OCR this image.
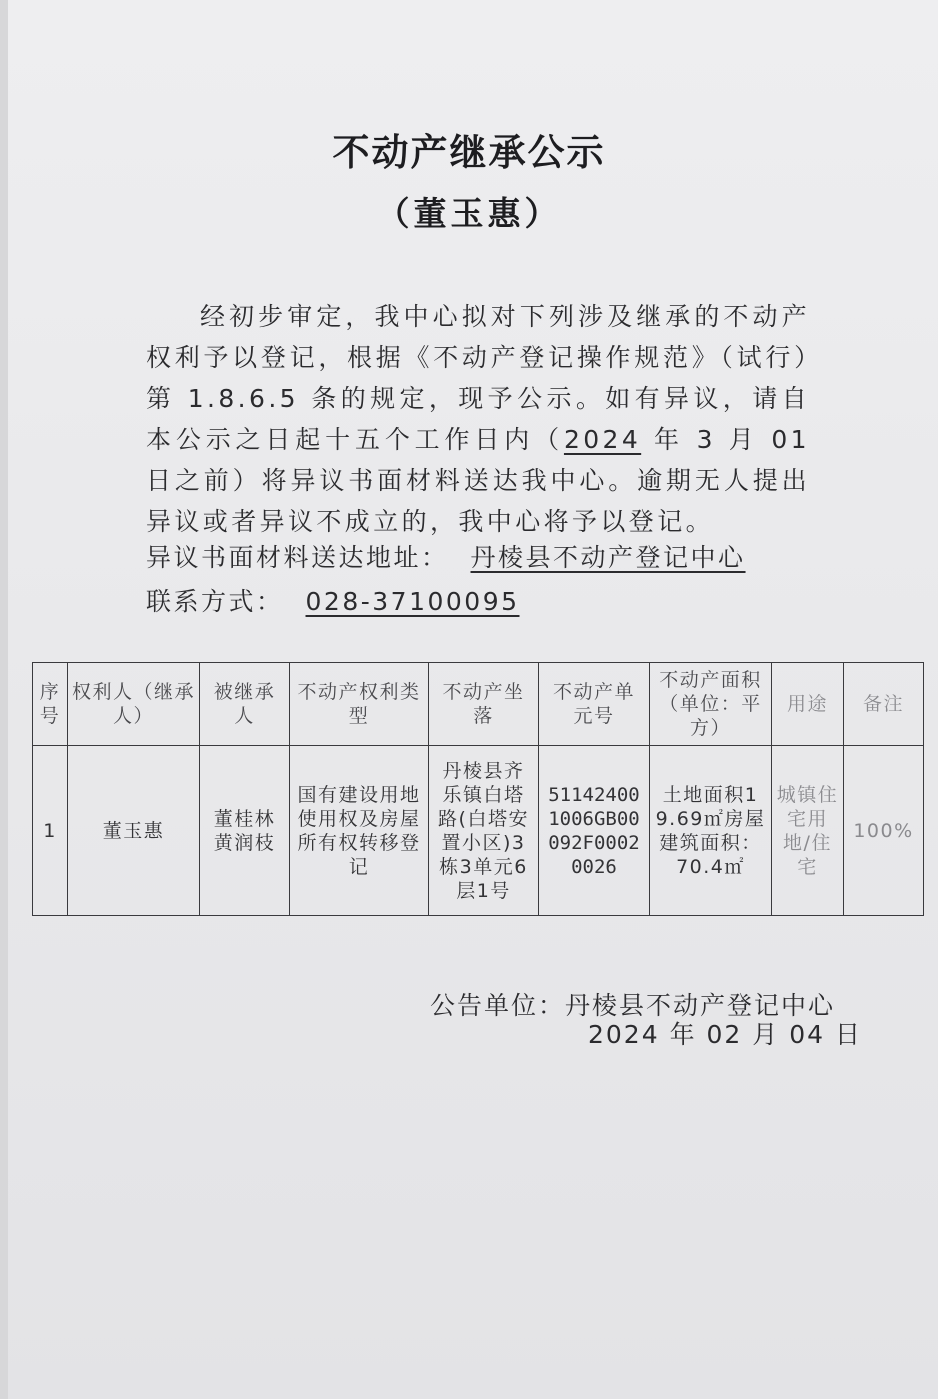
不动产继承公示
（董玉惠）

经初步审定，我中心拟对下列涉及继承的不动产权利予以登记，根据《不动产登记操作规范》（试行）第 1.8.6.5 条的规定，现予公示。如有异议，请自本公示之日起十五个工作日内（2024 年 3 月 01 日之前）将异议书面材料送达我中心。逾期无人提出异议或者异议不成立的，我中心将予以登记。

异议书面材料送达地址： 丹棱县不动产登记中心
联系方式： 028-37100095
序号	权利人（继承人）	被继承人	不动产权利类型	不动产坐落	不动产单元号	不动产面积（单位：平方）	用途	备注
1	董玉惠	董桂林黄润枝	国有建设用地使用权及房屋所有权转移登记	丹棱县齐乐镇白塔路(白塔安置小区)3栋3单元6层1号	511424001006GB00092F00020026	土地面积19.69㎡房屋建筑面积：70.4㎡	城镇住宅用地/住宅	100%
公告单位：丹棱县不动产登记中心
2024 年 02 月 04 日
